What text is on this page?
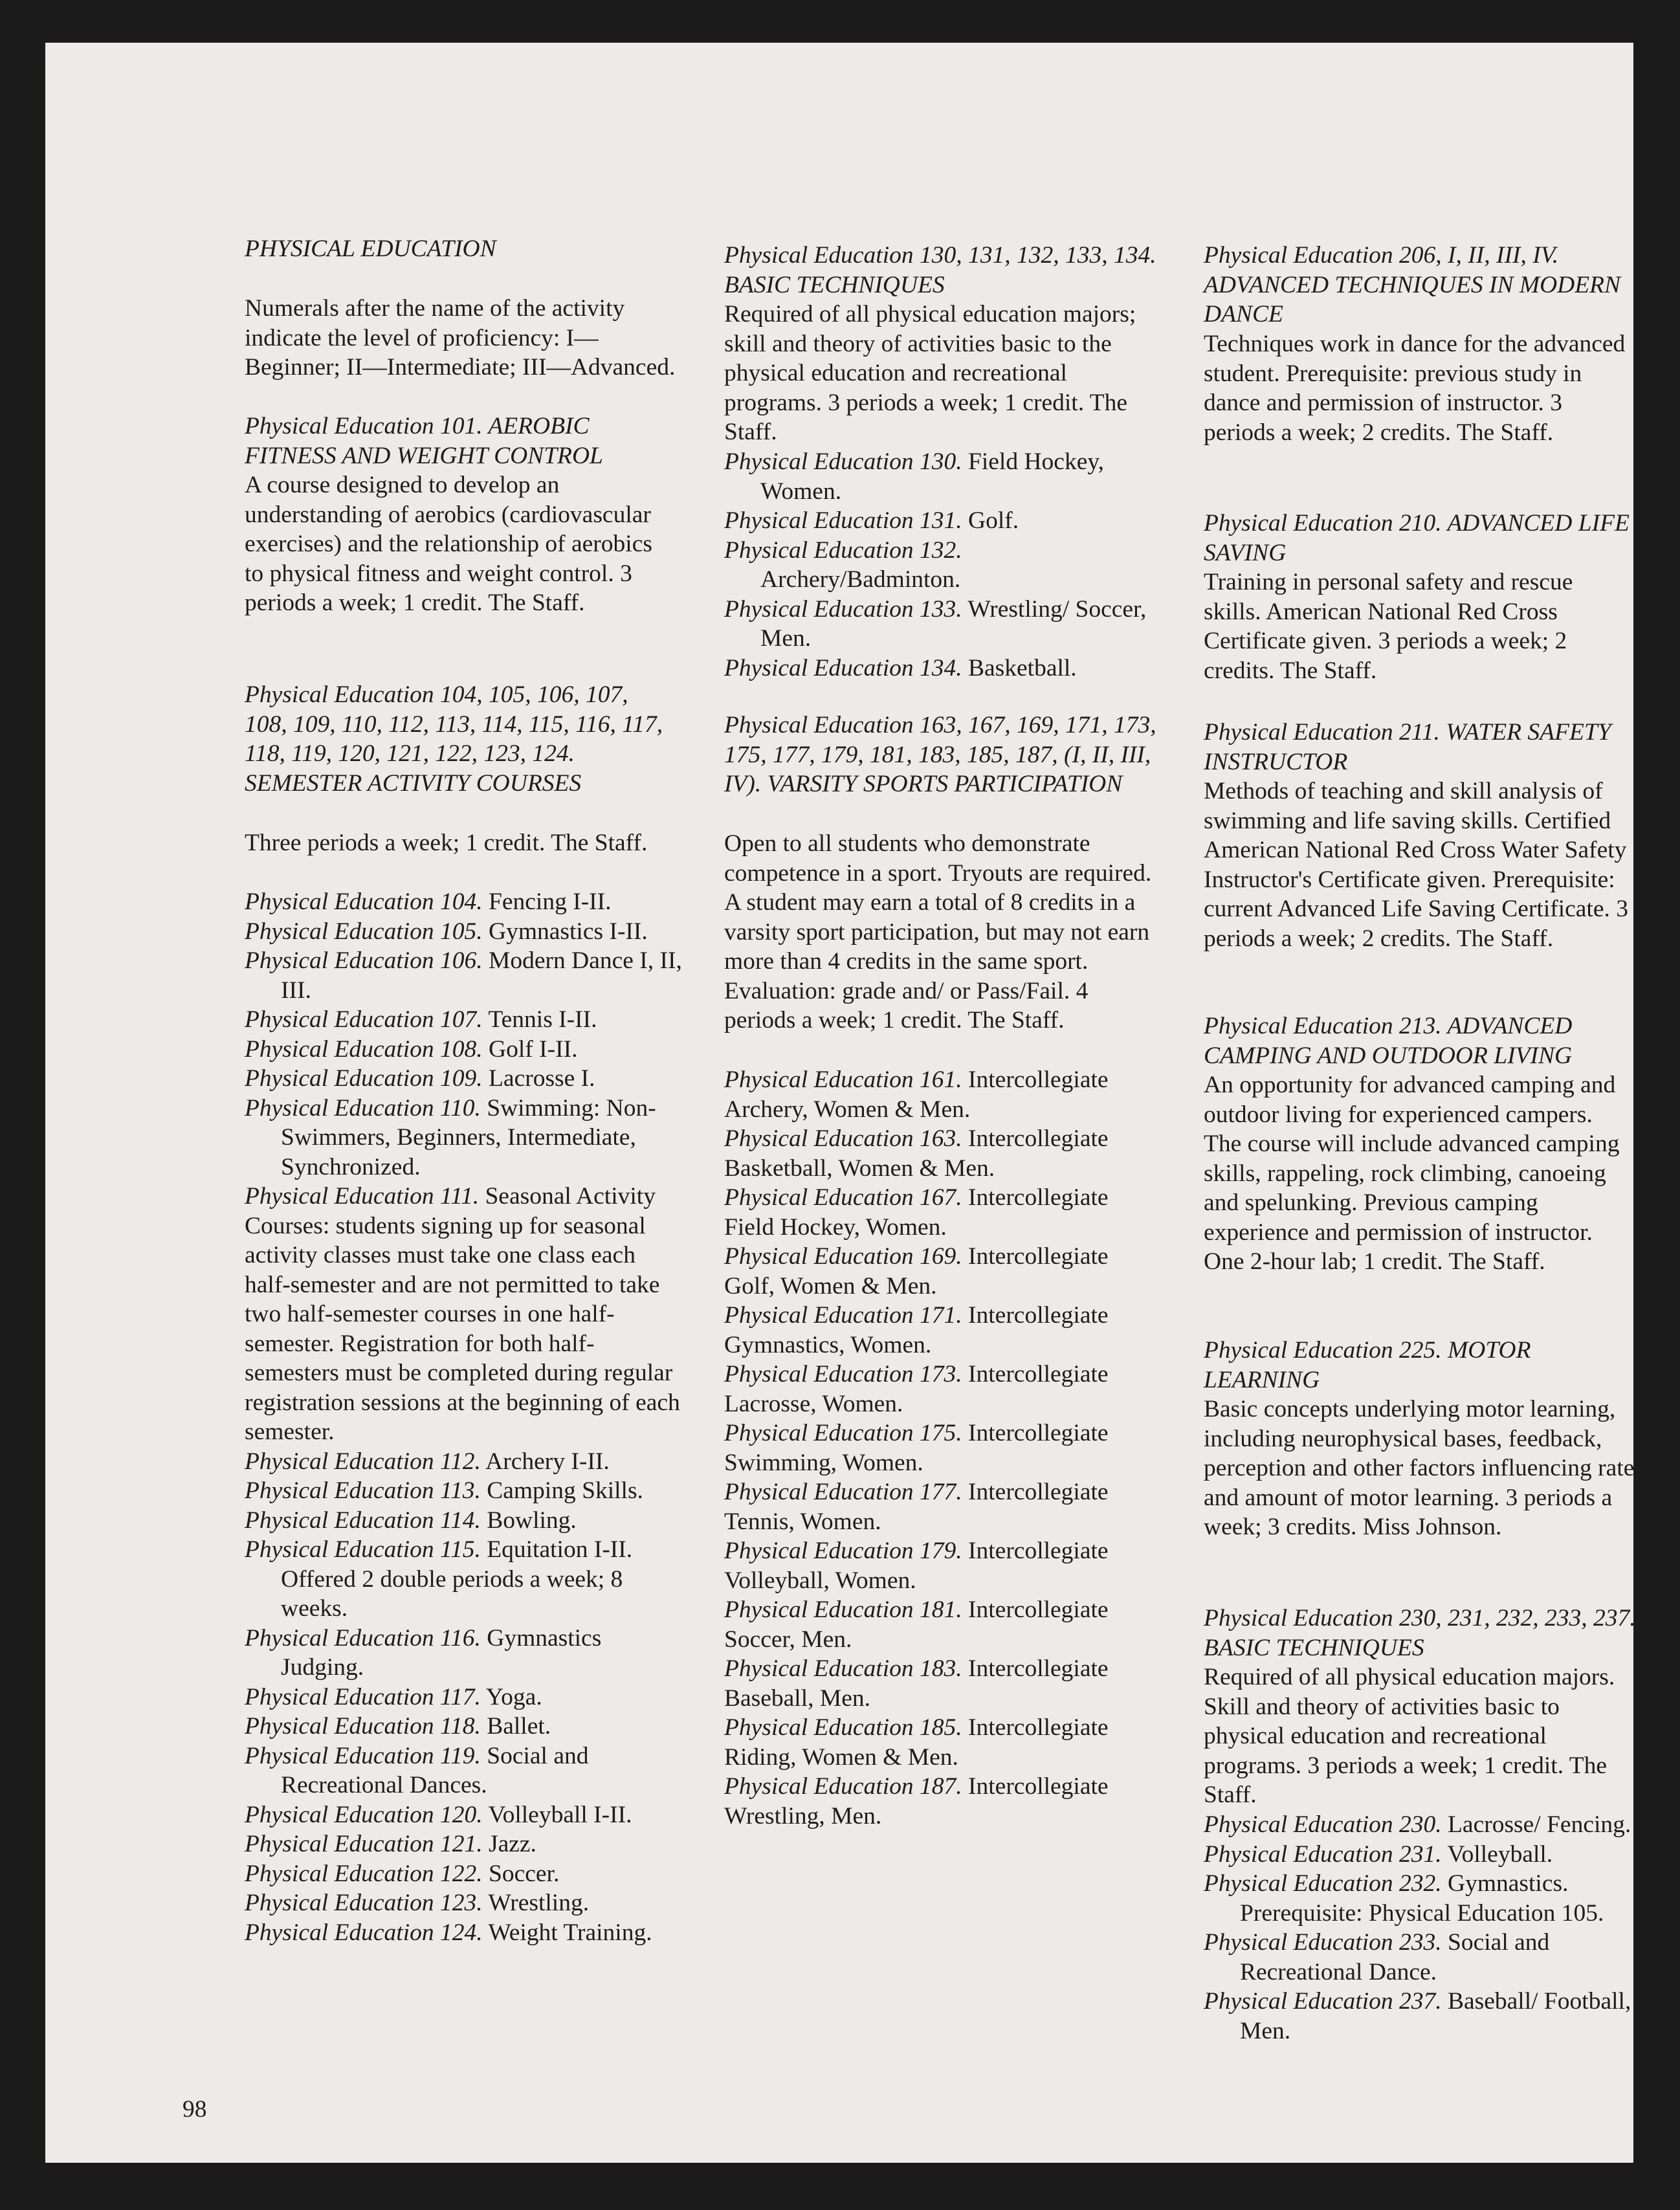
PHYSICAL EDUCATION

Numerals after the name of the activity indicate the level of proficiency: I—Beginner; II—Intermediate; III—Advanced.

Physical Education 101. AEROBIC FITNESS AND WEIGHT CONTROL

A course designed to develop an understanding of aerobics (cardiovascular exercises) and the relationship of aerobics to physical fitness and weight control. 3 periods a week; 1 credit. The Staff.

Physical Education 104, 105, 106, 107, 108, 109, 110, 112, 113, 114, 115, 116, 117, 118, 119, 120, 121, 122, 123, 124. SEMESTER ACTIVITY COURSES

Three periods a week; 1 credit. The Staff.

Physical Education 104. Fencing I-II.

Physical Education 105. Gymnastics I-II.

Physical Education 106. Modern Dance I, II, III.

Physical Education 107. Tennis I-II.

Physical Education 108. Golf I-II.

Physical Education 109. Lacrosse I.

Physical Education 110. Swimming: Non-Swimmers, Beginners, Intermediate, Synchronized.

Physical Education 111. Seasonal Activity Courses: students signing up for seasonal activity classes must take one class each half-semester and are not permitted to take two half-semester courses in one half-semester. Registration for both half-semesters must be completed during regular registration sessions at the beginning of each semester.

Physical Education 112. Archery I-II.

Physical Education 113. Camping Skills.

Physical Education 114. Bowling.

Physical Education 115. Equitation I-II. Offered 2 double periods a week; 8 weeks.

Physical Education 116. Gymnastics Judging.

Physical Education 117. Yoga.

Physical Education 118. Ballet.

Physical Education 119. Social and Recreational Dances.

Physical Education 120. Volleyball I-II.

Physical Education 121. Jazz.

Physical Education 122. Soccer.

Physical Education 123. Wrestling.

Physical Education 124. Weight Training.

Physical Education 130, 131, 132, 133, 134. BASIC TECHNIQUES

Required of all physical education majors; skill and theory of activities basic to the physical education and recreational programs. 3 periods a week; 1 credit. The Staff.

Physical Education 130. Field Hockey, Women.

Physical Education 131. Golf.

Physical Education 132. Archery/Badminton.

Physical Education 133. Wrestling/ Soccer, Men.

Physical Education 134. Basketball.

Physical Education 163, 167, 169, 171, 173, 175, 177, 179, 181, 183, 185, 187, (I, II, III, IV). VARSITY SPORTS PARTICIPATION

Open to all students who demonstrate competence in a sport. Tryouts are required. A student may earn a total of 8 credits in a varsity sport participation, but may not earn more than 4 credits in the same sport. Evaluation: grade and/ or Pass/Fail. 4 periods a week; 1 credit. The Staff.

Physical Education 161. Intercollegiate Archery, Women & Men.

Physical Education 163. Intercollegiate Basketball, Women & Men.

Physical Education 167. Intercollegiate Field Hockey, Women.

Physical Education 169. Intercollegiate Golf, Women & Men.

Physical Education 171. Intercollegiate Gymnastics, Women.

Physical Education 173. Intercollegiate Lacrosse, Women.

Physical Education 175. Intercollegiate Swimming, Women.

Physical Education 177. Intercollegiate Tennis, Women.

Physical Education 179. Intercollegiate Volleyball, Women.

Physical Education 181. Intercollegiate Soccer, Men.

Physical Education 183. Intercollegiate Baseball, Men.

Physical Education 185. Intercollegiate Riding, Women & Men.

Physical Education 187. Intercollegiate Wrestling, Men.

Physical Education 206, I, II, III, IV. ADVANCED TECHNIQUES IN MODERN DANCE

Techniques work in dance for the advanced student. Prerequisite: previous study in dance and permission of instructor. 3 periods a week; 2 credits. The Staff.

Physical Education 210. ADVANCED LIFE SAVING

Training in personal safety and rescue skills. American National Red Cross Certificate given. 3 periods a week; 2 credits. The Staff.

Physical Education 211. WATER SAFETY INSTRUCTOR

Methods of teaching and skill analysis of swimming and life saving skills. Certified American National Red Cross Water Safety Instructor's Certificate given. Prerequisite: current Advanced Life Saving Certificate. 3 periods a week; 2 credits. The Staff.

Physical Education 213. ADVANCED CAMPING AND OUTDOOR LIVING

An opportunity for advanced camping and outdoor living for experienced campers. The course will include advanced camping skills, rappeling, rock climbing, canoeing and spelunking. Previous camping experience and permission of instructor. One 2-hour lab; 1 credit. The Staff.

Physical Education 225. MOTOR LEARNING

Basic concepts underlying motor learning, including neurophysical bases, feedback, perception and other factors influencing rate and amount of motor learning. 3 periods a week; 3 credits. Miss Johnson.

Physical Education 230, 231, 232, 233, 237. BASIC TECHNIQUES

Required of all physical education majors. Skill and theory of activities basic to physical education and recreational programs. 3 periods a week; 1 credit. The Staff.

Physical Education 230. Lacrosse/ Fencing.

Physical Education 231. Volleyball.

Physical Education 232. Gymnastics. Prerequisite: Physical Education 105.

Physical Education 233. Social and Recreational Dance.

Physical Education 237. Baseball/ Football, Men.

98
